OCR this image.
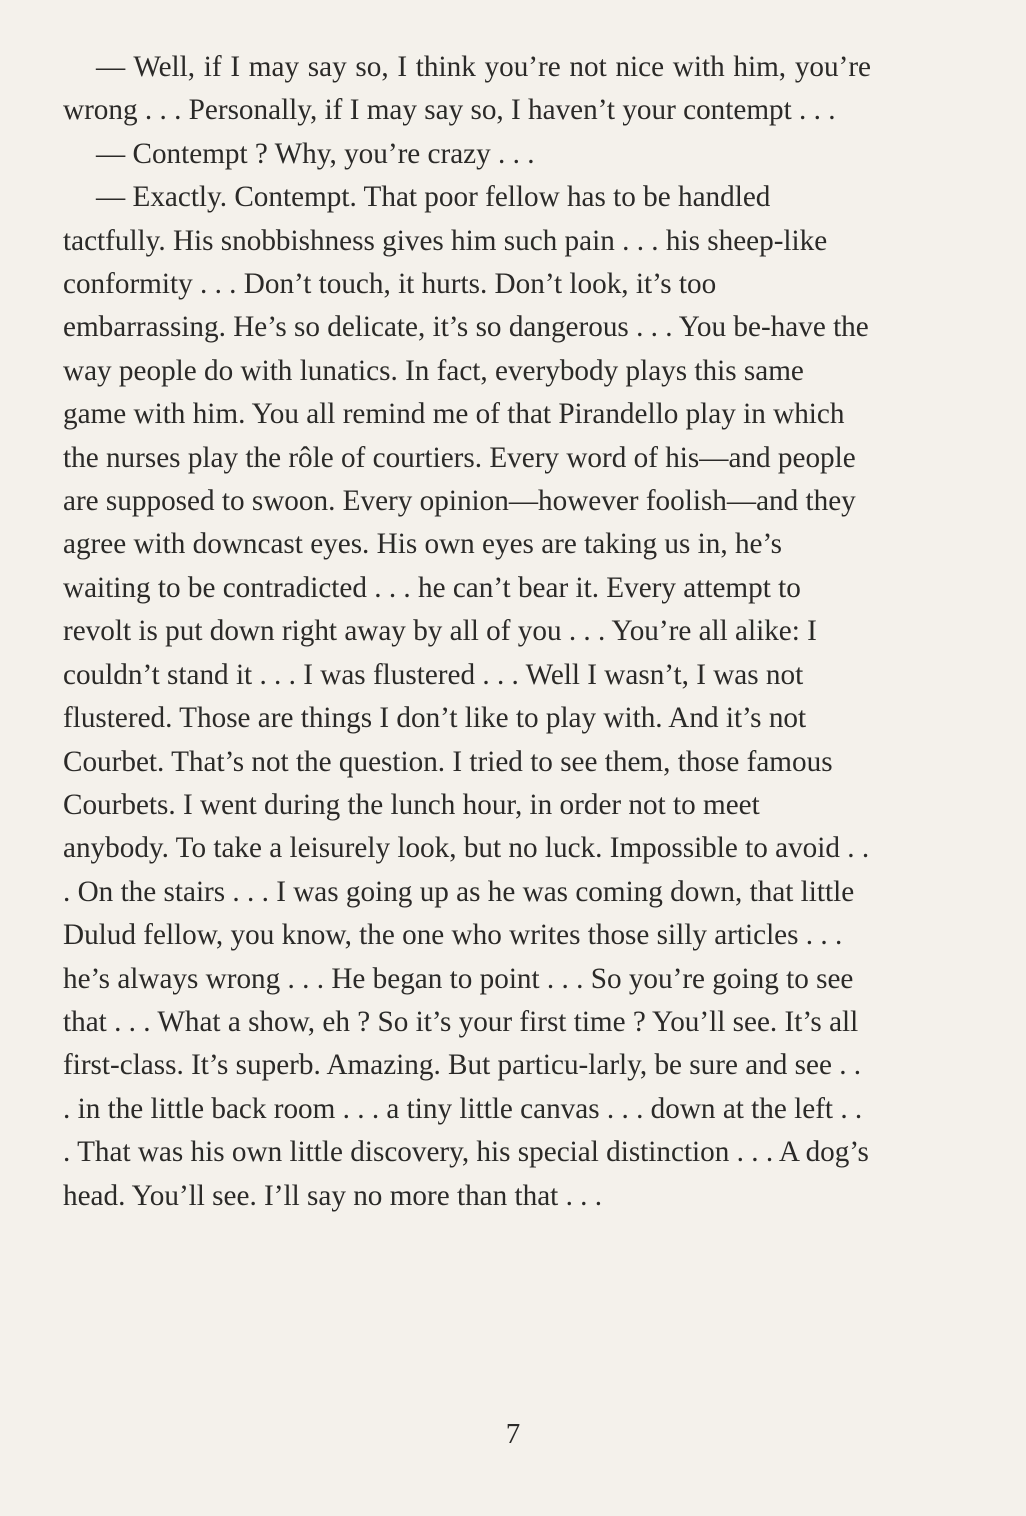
— Well, if I may say so, I think you’re not nice with him, you’re wrong . . . Personally, if I may say so, I haven’t your contempt . . .

— Contempt ? Why, you’re crazy . . .

— Exactly. Contempt. That poor fellow has to be handled tactfully. His snobbishness gives him such pain . . . his sheep-like conformity . . . Don’t touch, it hurts. Don’t look, it’s too embarrassing. He’s so delicate, it’s so dangerous . . . You be-have the way people do with lunatics. In fact, everybody plays this same game with him. You all remind me of that Pirandello play in which the nurses play the rôle of courtiers. Every word of his—and people are supposed to swoon. Every opinion—however foolish—and they agree with downcast eyes. His own eyes are taking us in, he’s waiting to be contradicted . . . he can’t bear it. Every attempt to revolt is put down right away by all of you . . . You’re all alike: I couldn’t stand it . . . I was flustered . . . Well I wasn’t, I was not flustered. Those are things I don’t like to play with. And it’s not Courbet. That’s not the question. I tried to see them, those famous Courbets. I went during the lunch hour, in order not to meet anybody. To take a leisurely look, but no luck. Impossible to avoid . . . On the stairs . . . I was going up as he was coming down, that little Dulud fellow, you know, the one who writes those silly articles . . . he’s always wrong . . . He began to point . . . So you’re going to see that . . . What a show, eh ? So it’s your first time ? You’ll see. It’s all first-class. It’s superb. Amazing. But particu-larly, be sure and see . . . in the little back room . . . a tiny little canvas . . . down at the left . . . That was his own little discovery, his special distinction . . . A dog’s head. You’ll see. I’ll say no more than that . . .

7
